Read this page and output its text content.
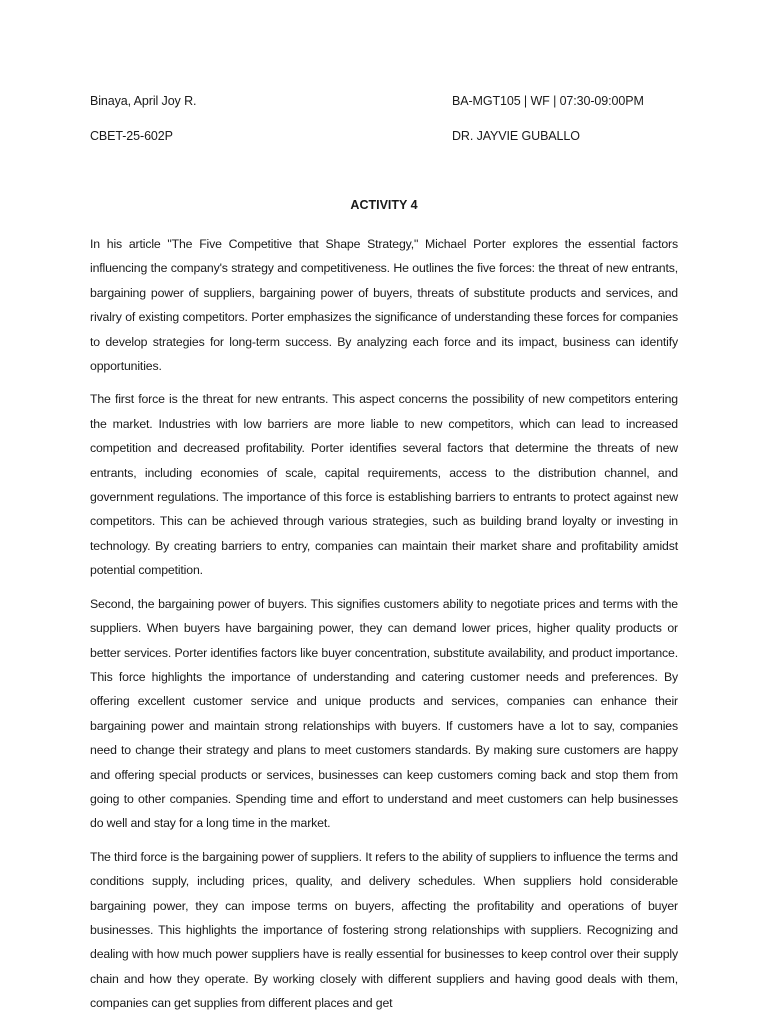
Binaya, April Joy R.	BA-MGT105 | WF | 07:30-09:00PM
CBET-25-602P	DR. JAYVIE GUBALLO
ACTIVITY 4

In his article "The Five Competitive that Shape Strategy," Michael Porter explores the essential factors influencing the company's strategy and competitiveness. He outlines the five forces: the threat of new entrants, bargaining power of suppliers, bargaining power of buyers, threats of substitute products and services, and rivalry of existing competitors. Porter emphasizes the significance of understanding these forces for companies to develop strategies for long-term success. By analyzing each force and its impact, business can identify opportunities.

The first force is the threat for new entrants. This aspect concerns the possibility of new competitors entering the market. Industries with low barriers are more liable to new competitors, which can lead to increased competition and decreased profitability. Porter identifies several factors that determine the threats of new entrants, including economies of scale, capital requirements, access to the distribution channel, and government regulations. The importance of this force is establishing barriers to entrants to protect against new competitors. This can be achieved through various strategies, such as building brand loyalty or investing in technology. By creating barriers to entry, companies can maintain their market share and profitability amidst potential competition.

Second, the bargaining power of buyers. This signifies customers ability to negotiate prices and terms with the suppliers. When buyers have bargaining power, they can demand lower prices, higher quality products or better services. Porter identifies factors like buyer concentration, substitute availability, and product importance. This force highlights the importance of understanding and catering customer needs and preferences. By offering excellent customer service and unique products and services, companies can enhance their bargaining power and maintain strong relationships with buyers. If customers have a lot to say, companies need to change their strategy and plans to meet customers standards. By making sure customers are happy and offering special products or services, businesses can keep customers coming back and stop them from going to other companies. Spending time and effort to understand and meet customers can help businesses do well and stay for a long time in the market.

The third force is the bargaining power of suppliers. It refers to the ability of suppliers to influence the terms and conditions supply, including prices, quality, and delivery schedules. When suppliers hold considerable bargaining power, they can impose terms on buyers, affecting the profitability and operations of buyer businesses. This highlights the importance of fostering strong relationships with suppliers. Recognizing and dealing with how much power suppliers have is really essential for businesses to keep control over their supply chain and how they operate. By working closely with different suppliers and having good deals with them, companies can get supplies from different places and get
